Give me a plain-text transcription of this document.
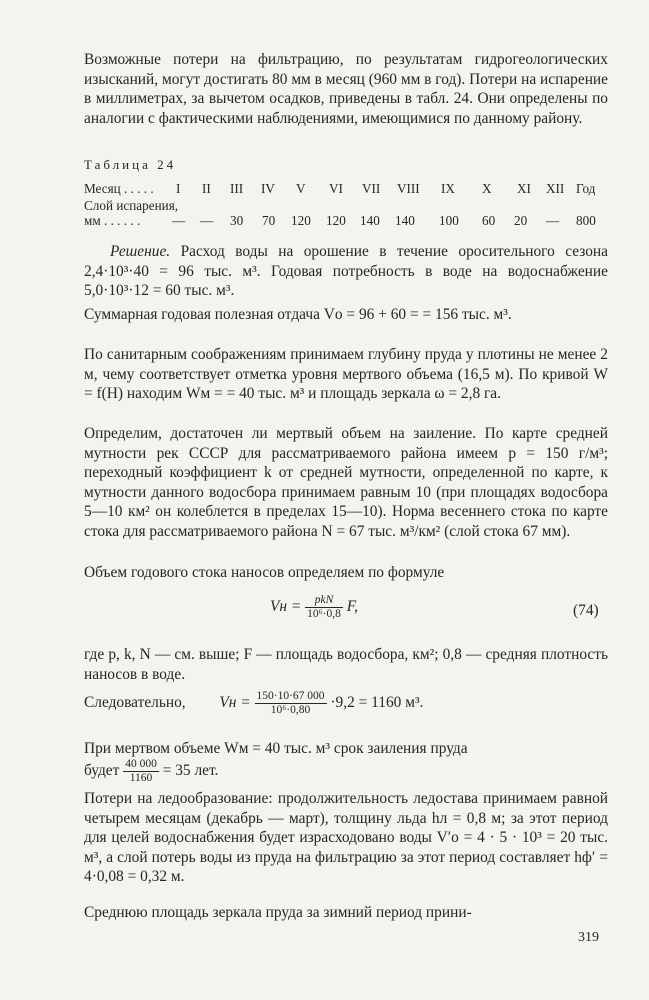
Возможные потери на фильтрацию, по результатам гидрогеологических изысканий, могут достигать 80 мм в месяц (960 мм в год). Потери на испарение в миллиметрах, за вычетом осадков, приведены в табл. 24. Они определены по аналогии с фактическими наблюдениями, имеющимися по данному району.

Таблица 24
Месяц . . . . . I II III IV V VI VII VIII IX X XI XII Год
Слой испарения,
мм . . . . . . — — 30 70 120 120 140 140 100 60 20 — 800

Решение. Расход воды на орошение в течение оросительного сезона 2,4·10³·40 = 96 тыс. м³. Годовая потребность в воде на водоснабжение 5,0·10³·12 = 60 тыс. м³.

Суммарная годовая полезная отдача Vо = 96 + 60 = = 156 тыс. м³.

По санитарным соображениям принимаем глубину пруда у плотины не менее 2 м, чему соответствует отметка уровня мертвого объема (16,5 м). По кривой W = f(H) находим Wм = = 40 тыс. м³ и площадь зеркала ω = 2,8 га.

Определим, достаточен ли мертвый объем на заиление. По карте средней мутности рек СССР для рассматриваемого района имеем p = 150 г/м³; переходный коэффициент k от средней мутности, определенной по карте, к мутности данного водосбора принимаем равным 10 (при площадях водосбора 5—10 км² он колеблется в пределах 15—10). Норма весеннего стока по карте стока для рассматриваемого района N = 67 тыс. м³/км² (слой стока 67 мм).

Объем годового стока наносов определяем по формуле

Vн = $\frac{\text{pkN}}{\text{10⁶·0,8}} F$,	(74)

где p, k, N — см. выше; F — площадь водосбора, км²; 0,8 — средняя плотность наносов в воде.

Следовательно, Vн = $\frac{150\cdot 10\cdot 67 000}{\text{10⁶·0,80}} \cdot 9,2 = 1160$ м³.

При мертвом объеме Wм = 40 тыс. м³ срок заиления пруда

будет $\frac{40 000}{1160} = 35$ лет.

Потери на ледообразование: продолжительность ледостава принимаем равной четырем месяцам (декабрь — март), толщину льда hл = 0,8 м; за этот период для целей водоснабжения будет израсходовано воды V′о = 4 · 5 · 10³ = 20 тыс. м³, а слой потерь воды из пруда на фильтрацию за этот период составляет hф′ = 4·0,08 = 0,32 м.

Среднюю площадь зеркала пруда за зимний период прини-

319
